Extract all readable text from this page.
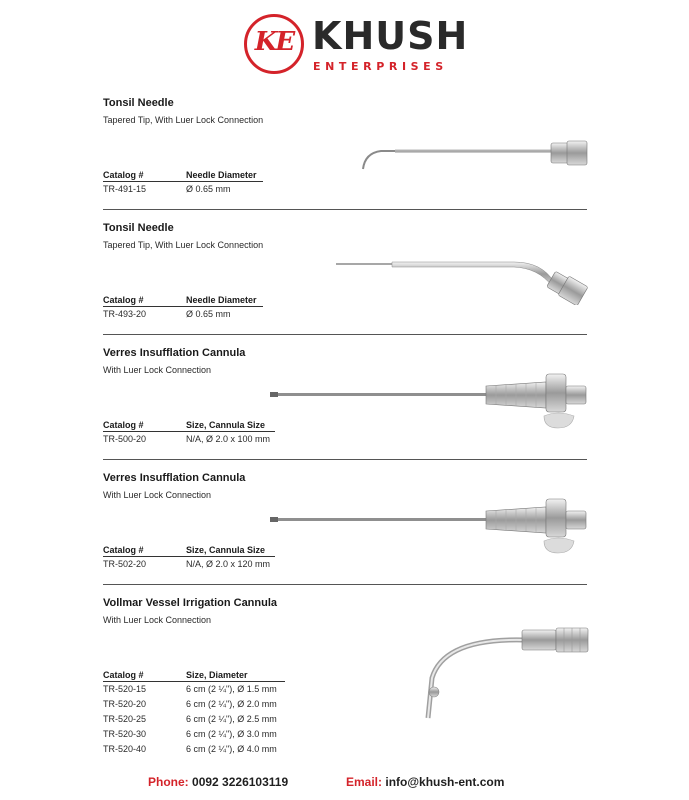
KE KHUSH
ENTERPRISES
Tonsil Needle
Tapered Tip, With Luer Lock Connection
Catalog #	Needle Diameter
TR-491-15	Ø 0.65 mm
Tonsil Needle
Tapered Tip, With Luer Lock Connection
Catalog #	Needle Diameter
TR-493-20	Ø 0.65 mm
Verres Insufflation Cannula
With Luer Lock Connection
Catalog #	Size, Cannula Size
TR-500-20	N/A, Ø 2.0 x 100 mm
Verres Insufflation Cannula
With Luer Lock Connection
Catalog #	Size, Cannula Size
TR-502-20	N/A, Ø 2.0 x 120 mm
Vollmar Vessel Irrigation Cannula
With Luer Lock Connection
Catalog #	Size, Diameter
TR-520-15	6 cm (2 ¼"), Ø 1.5 mm
TR-520-20	6 cm (2 ¼"), Ø 2.0 mm
TR-520-25	6 cm (2 ¼"), Ø 2.5 mm
TR-520-30	6 cm (2 ¼"), Ø 3.0 mm
TR-520-40	6 cm (2 ¼"), Ø 4.0 mm
Phone: 0092 3226103119	Email: info@khush-ent.com
